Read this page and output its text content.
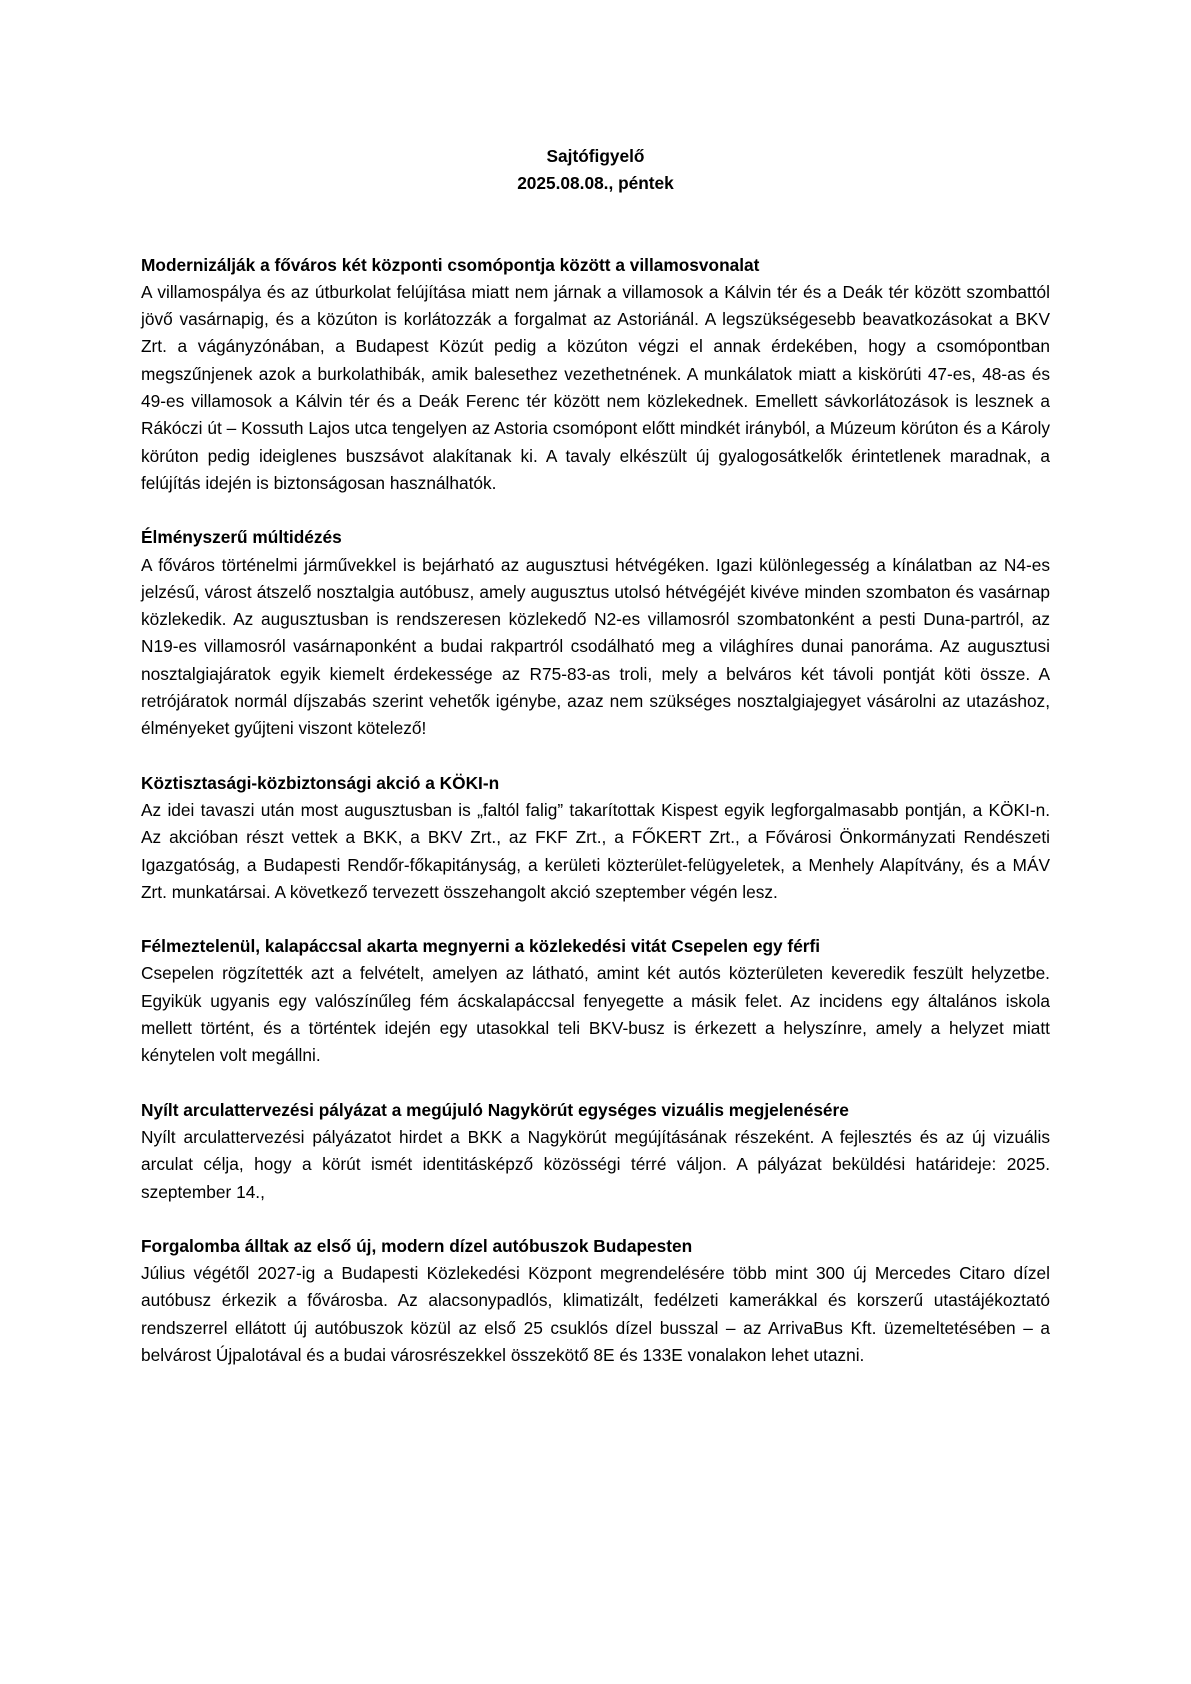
Sajtófigyelő
2025.08.08., péntek

Modernizálják a főváros két központi csomópontja között a villamosvonalat

A villamospálya és az útburkolat felújítása miatt nem járnak a villamosok a Kálvin tér és a Deák tér között szombattól jövő vasárnapig, és a közúton is korlátozzák a forgalmat az Astoriánál. A legszükségesebb beavatkozásokat a BKV Zrt. a vágányzónában, a Budapest Közút pedig a közúton végzi el annak érdekében, hogy a csomópontban megszűnjenek azok a burkolathibák, amik balesethez vezethetnének. A munkálatok miatt a kiskörúti 47-es, 48-as és 49-es villamosok a Kálvin tér és a Deák Ferenc tér között nem közlekednek. Emellett sávkorlátozások is lesznek a Rákóczi út – Kossuth Lajos utca tengelyen az Astoria csomópont előtt mindkét irányból, a Múzeum körúton és a Károly körúton pedig ideiglenes buszsávot alakítanak ki. A tavaly elkészült új gyalogosátkelők érintetlenek maradnak, a felújítás idején is biztonságosan használhatók.

Élményszerű múltidézés

A főváros történelmi járművekkel is bejárható az augusztusi hétvégéken. Igazi különlegesség a kínálatban az N4-es jelzésű, várost átszelő nosztalgia autóbusz, amely augusztus utolsó hétvégéjét kivéve minden szombaton és vasárnap közlekedik. Az augusztusban is rendszeresen közlekedő N2-es villamosról szombatonként a pesti Duna-partról, az N19-es villamosról vasárnaponként a budai rakpartról csodálható meg a világhíres dunai panoráma. Az augusztusi nosztalgiajáratok egyik kiemelt érdekessége az R75-83-as troli, mely a belváros két távoli pontját köti össze. A retrójáratok normál díjszabás szerint vehetők igénybe, azaz nem szükséges nosztalgiajegyet vásárolni az utazáshoz, élményeket gyűjteni viszont kötelező!

Köztisztasági-közbiztonsági akció a KÖKI-n

Az idei tavaszi után most augusztusban is „faltól falig” takarítottak Kispest egyik legforgalmasabb pontján, a KÖKI-n. Az akcióban részt vettek a BKK, a BKV Zrt., az FKF Zrt., a FŐKERT Zrt., a Fővárosi Önkormányzati Rendészeti Igazgatóság, a Budapesti Rendőr-főkapitányság, a kerületi közterület-felügyeletek, a Menhely Alapítvány, és a MÁV Zrt. munkatársai. A következő tervezett összehangolt akció szeptember végén lesz.

Félmeztelenül, kalapáccsal akarta megnyerni a közlekedési vitát Csepelen egy férfi

Csepelen rögzítették azt a felvételt, amelyen az látható, amint két autós közterületen keveredik feszült helyzetbe. Egyikük ugyanis egy valószínűleg fém ácskalapáccsal fenyegette a másik felet. Az incidens egy általános iskola mellett történt, és a történtek idején egy utasokkal teli BKV-busz is érkezett a helyszínre, amely a helyzet miatt kénytelen volt megállni.

Nyílt arculattervezési pályázat a megújuló Nagykörút egységes vizuális megjelenésére

Nyílt arculattervezési pályázatot hirdet a BKK a Nagykörút megújításának részeként. A fejlesztés és az új vizuális arculat célja, hogy a körút ismét identitásképző közösségi térré váljon. A pályázat beküldési határideje: 2025. szeptember 14.,

Forgalomba álltak az első új, modern dízel autóbuszok Budapesten

Július végétől 2027-ig a Budapesti Közlekedési Központ megrendelésére több mint 300 új Mercedes Citaro dízel autóbusz érkezik a fővárosba. Az alacsonypadlós, klimatizált, fedélzeti kamerákkal és korszerű utastájékoztató rendszerrel ellátott új autóbuszok közül az első 25 csuklós dízel busszal – az ArrivaBus Kft. üzemeltetésében – a belvárost Újpalotával és a budai városrészekkel összekötő 8E és 133E vonalakon lehet utazni.
